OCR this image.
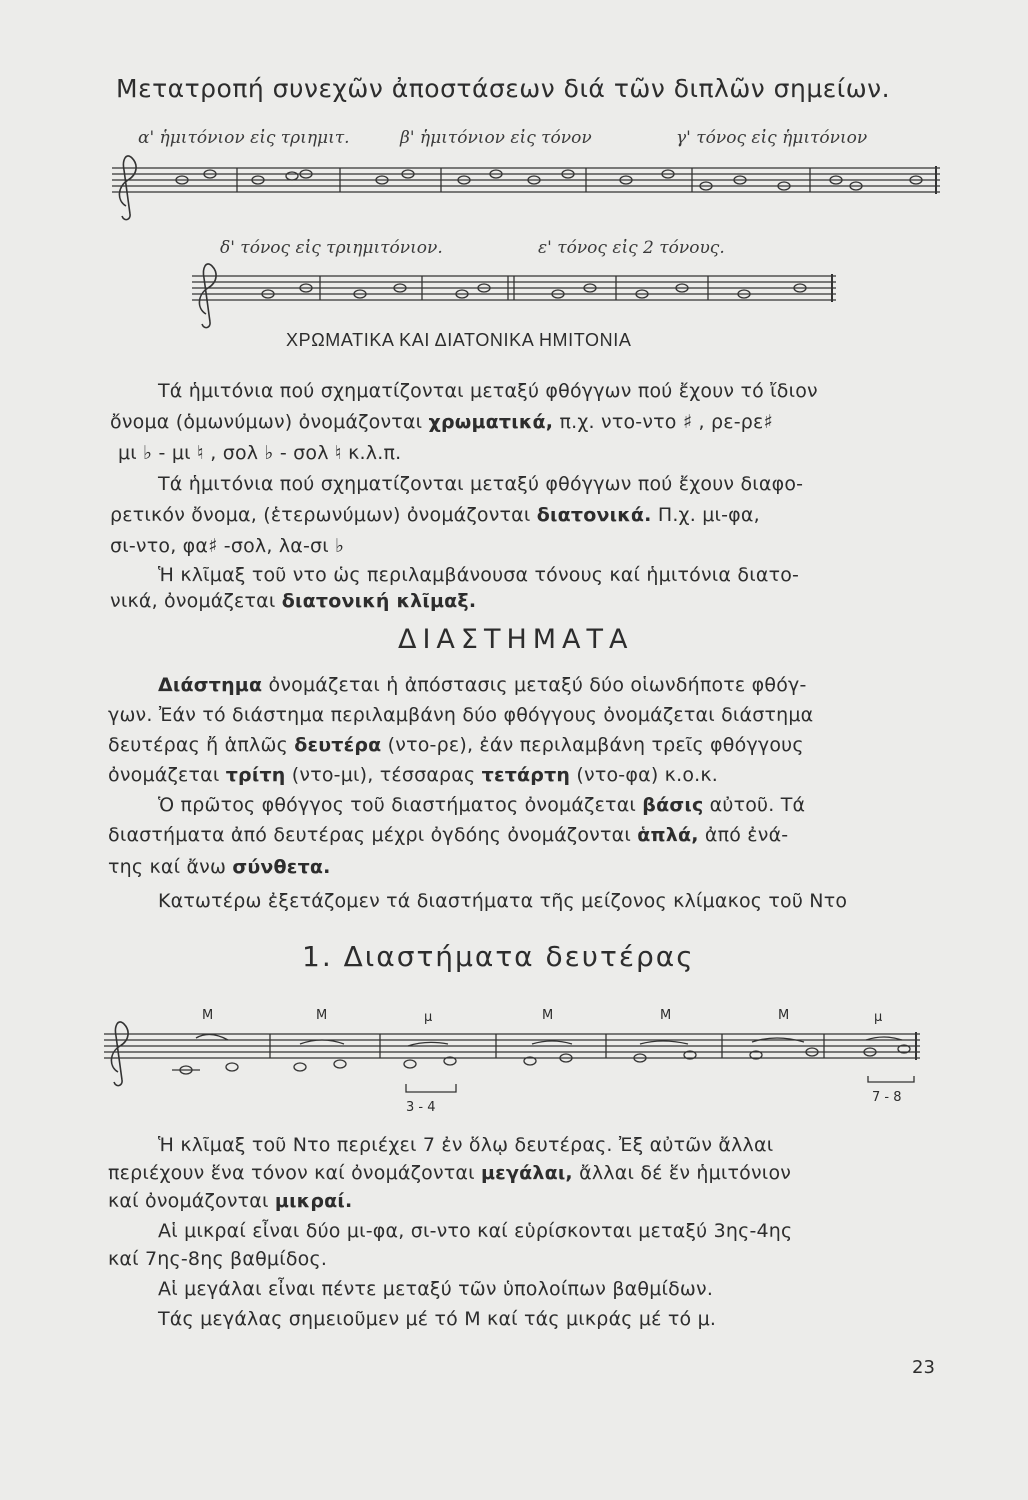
Μετατροπή συνεχῶν ἀποστάσεων διά τῶν διπλῶν σημείων.
α' ἡμιτόνιον εἰς τριημιτ.	β' ἡμιτόνιον εἰς τόνον	γ' τόνος εἰς ἡμιτόνιον
δ' τόνος εἰς τριημιτόνιον.	ε' τόνος εἰς 2 τόνους.
ΧΡΩΜΑΤΙΚΑ ΚΑΙ ΔΙΑΤΟΝΙΚΑ ΗΜΙΤΟΝΙΑ
Τά ἡμιτόνια πού σχηματίζονται μεταξύ φθόγγων πού ἔχουν τό ἴδιον
ὄνομα (ὁμωνύμων) ὀνομάζονται χρωματικά, π.χ. ντο-ντο ♯ , ρε-ρε♯
μι ♭ - μι ♮ , σολ ♭ - σολ ♮ κ.λ.π.
Τά ἡμιτόνια πού σχηματίζονται μεταξύ φθόγγων πού ἔχουν διαφο-
ρετικόν ὄνομα, (ἑτερωνύμων) ὀνομάζονται διατονικά. Π.χ. μι-φα,
σι-ντο, φα♯ -σολ, λα-σι ♭
Ἡ κλῖμαξ τοῦ ντο ὡς περιλαμβάνουσα τόνους καί ἡμιτόνια διατο-
νικά, ὀνομάζεται διατονική κλῖμαξ.
ΔΙΑΣΤΗΜΑΤΑ
Διάστημα ὀνομάζεται ἡ ἀπόστασις μεταξύ δύο οἱωνδήποτε φθόγ-
γων. Ἐάν τό διάστημα περιλαμβάνη δύο φθόγγους ὀνομάζεται διάστημα
δευτέρας ἤ ἁπλῶς δευτέρα (ντο-ρε), ἐάν περιλαμβάνη τρεῖς φθόγγους
ὀνομάζεται τρίτη (ντο-μι), τέσσαρας τετάρτη (ντο-φα) κ.ο.κ.
Ὁ πρῶτος φθόγγος τοῦ διαστήματος ὀνομάζεται βάσις αὐτοῦ. Τά
διαστήματα ἀπό δευτέρας μέχρι ὀγδόης ὀνομάζονται ἁπλά, ἀπό ἐνά-
της καί ἄνω σύνθετα.
Κατωτέρω ἐξετάζομεν τά διαστήματα τῆς μείζονος κλίμακος τοῦ Ντο
1. Διαστήματα δευτέρας
Μ	Μ	μ	Μ	Μ	Μ	μ
3 - 4
7 - 8
Ἡ κλῖμαξ τοῦ Ντο περιέχει 7 ἐν ὅλῳ δευτέρας. Ἐξ αὐτῶν ἄλλαι
περιέχουν ἕνα τόνον καί ὀνομάζονται μεγάλαι, ἄλλαι δέ ἕν ἡμιτόνιον
καί ὀνομάζονται μικραί.
Αἱ μικραί εἶναι δύο μι-φα, σι-ντο καί εὑρίσκονται μεταξύ 3ης-4ης
καί 7ης-8ης βαθμίδος.
Αἱ μεγάλαι εἶναι πέντε μεταξύ τῶν ὑπολοίπων βαθμίδων.
Τάς μεγάλας σημειοῦμεν μέ τό Μ καί τάς μικράς μέ τό μ.
23
